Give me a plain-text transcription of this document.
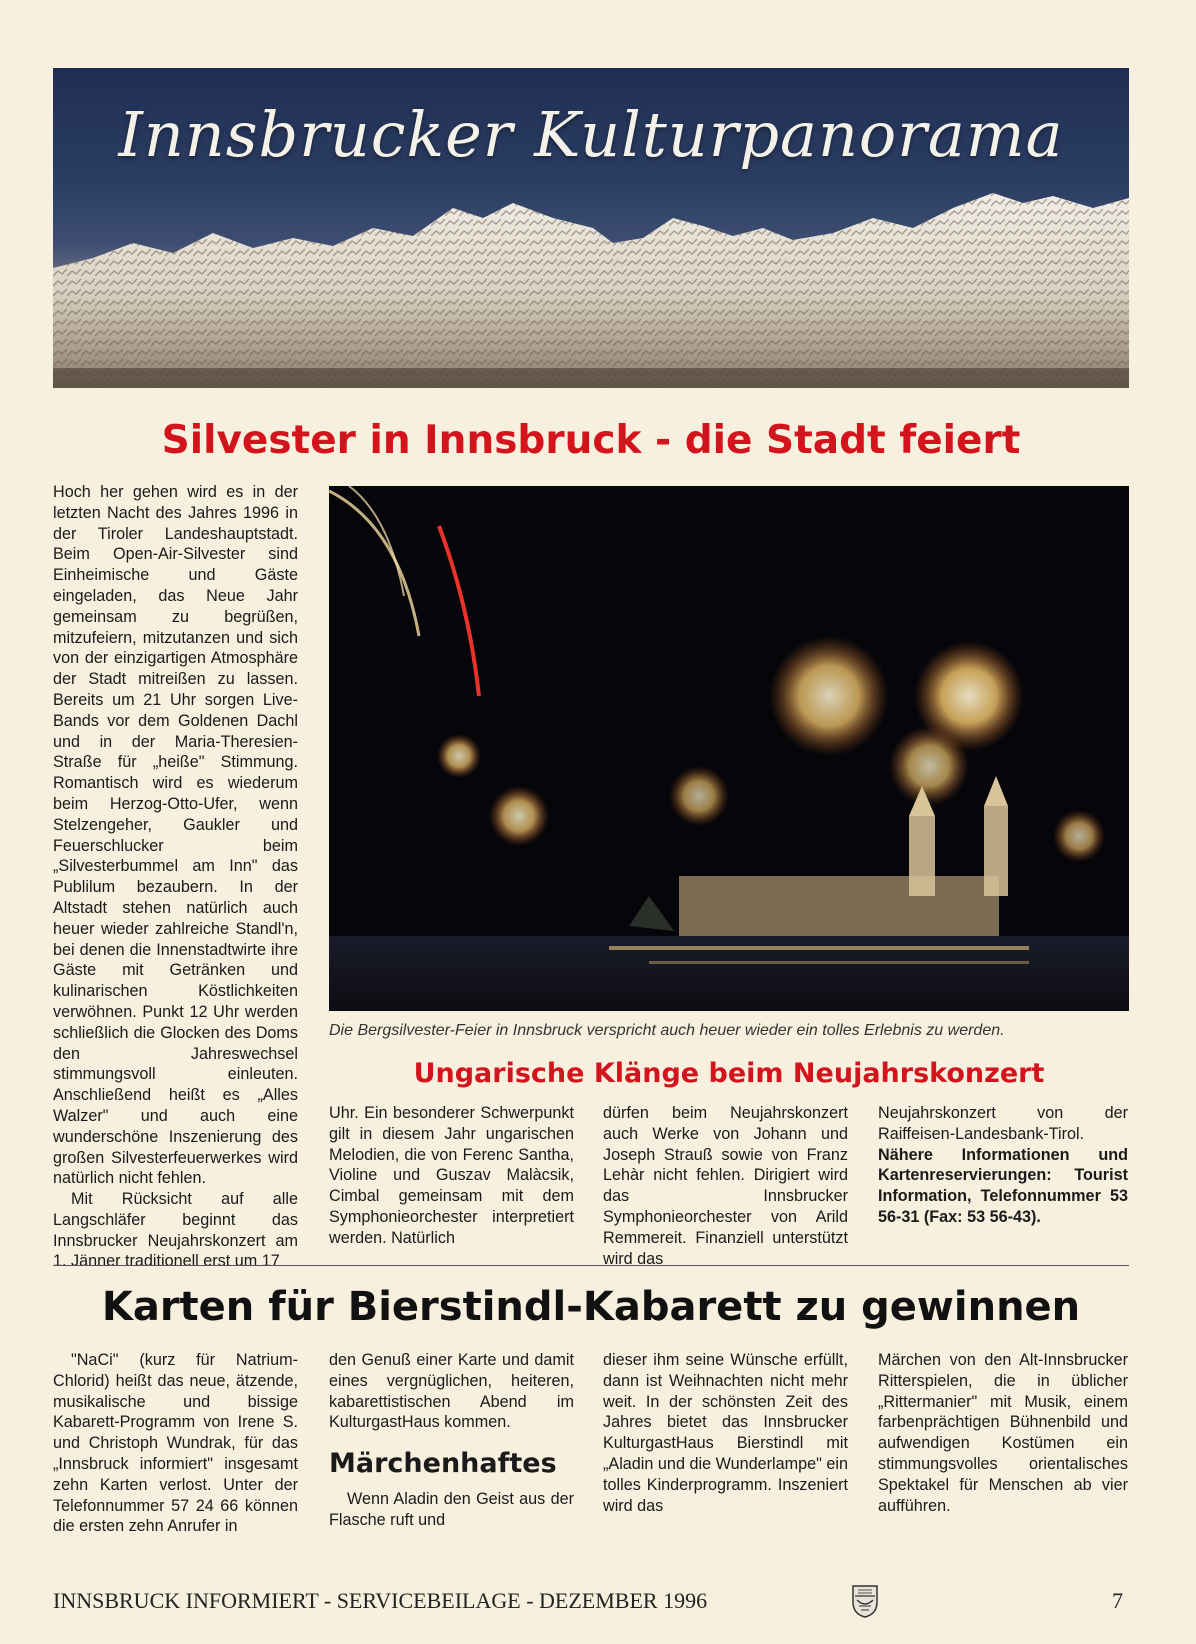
Innsbrucker Kulturpanorama
Silvester in Innsbruck - die Stadt feiert

Hoch her gehen wird es in der letzten Nacht des Jahres 1996 in der Tiroler Landeshauptstadt. Beim Open-Air-Silvester sind Einheimische und Gäste eingeladen, das Neue Jahr gemeinsam zu begrüßen, mitzufeiern, mitzutanzen und sich von der einzigartigen Atmosphäre der Stadt mitreißen zu lassen. Bereits um 21 Uhr sorgen Live-Bands vor dem Goldenen Dachl und in der Maria-Theresien-Straße für „heiße" Stimmung. Romantisch wird es wiederum beim Herzog-Otto-Ufer, wenn Stelzengeher, Gaukler und Feuerschlucker beim „Silvesterbummel am Inn" das Publilum bezaubern. In der Altstadt stehen natürlich auch heuer wieder zahlreiche Standl'n, bei denen die Innenstadtwirte ihre Gäste mit Getränken und kulinarischen Köstlichkeiten verwöhnen. Punkt 12 Uhr werden schließlich die Glocken des Doms den Jahreswechsel stimmungsvoll einleuten. Anschließend heißt es „Alles Walzer" und auch eine wunderschöne Inszenierung des großen Silvesterfeuerwerkes wird natürlich nicht fehlen.

Mit Rücksicht auf alle Langschläfer beginnt das Innsbrucker Neujahrskonzert am 1. Jänner traditionell erst um 17

Die Bergsilvester-Feier in Innsbruck verspricht auch heuer wieder ein tolles Erlebnis zu werden.
Ungarische Klänge beim Neujahrskonzert

Uhr. Ein besonderer Schwerpunkt gilt in diesem Jahr ungarischen Melodien, die von Ferenc Santha, Violine und Guszav Malàcsik, Cimbal gemeinsam mit dem Symphonieorchester interpretiert werden. Natürlich

dürfen beim Neujahrskonzert auch Werke von Johann und Joseph Strauß sowie von Franz Lehàr nicht fehlen. Dirigiert wird das Innsbrucker Symphonieorchester von Arild Remmereit. Finanziell unterstützt wird das

Neujahrskonzert von der Raiffeisen-Landesbank-Tirol.

Nähere Informationen und Kartenreservierungen: Tourist Information, Telefonnummer 53 56-31 (Fax: 53 56-43).

Karten für Bierstindl-Kabarett zu gewinnen

"NaCi" (kurz für Natrium-Chlorid) heißt das neue, ätzende, musikalische und bissige Kabarett-Programm von Irene S. und Christoph Wundrak, für das „Innsbruck informiert" insgesamt zehn Karten verlost. Unter der Telefonnummer 57 24 66 können die ersten zehn Anrufer in

den Genuß einer Karte und damit eines vergnüglichen, heiteren, kabarettistischen Abend im KulturgastHaus kommen.

Märchenhaftes

Wenn Aladin den Geist aus der Flasche ruft und

dieser ihm seine Wünsche erfüllt, dann ist Weihnachten nicht mehr weit. In der schönsten Zeit des Jahres bietet das Innsbrucker KulturgastHaus Bierstindl mit „Aladin und die Wunderlampe" ein tolles Kinderprogramm. Inszeniert wird das

Märchen von den Alt-Innsbrucker Ritterspielen, die in üblicher „Rittermanier" mit Musik, einem farbenprächtigen Bühnenbild und aufwendigen Kostümen ein stimmungsvolles orientalisches Spektakel für Menschen ab vier aufführen.

INNSBRUCK INFORMIERT - SERVICEBEILAGE - DEZEMBER 1996	7
